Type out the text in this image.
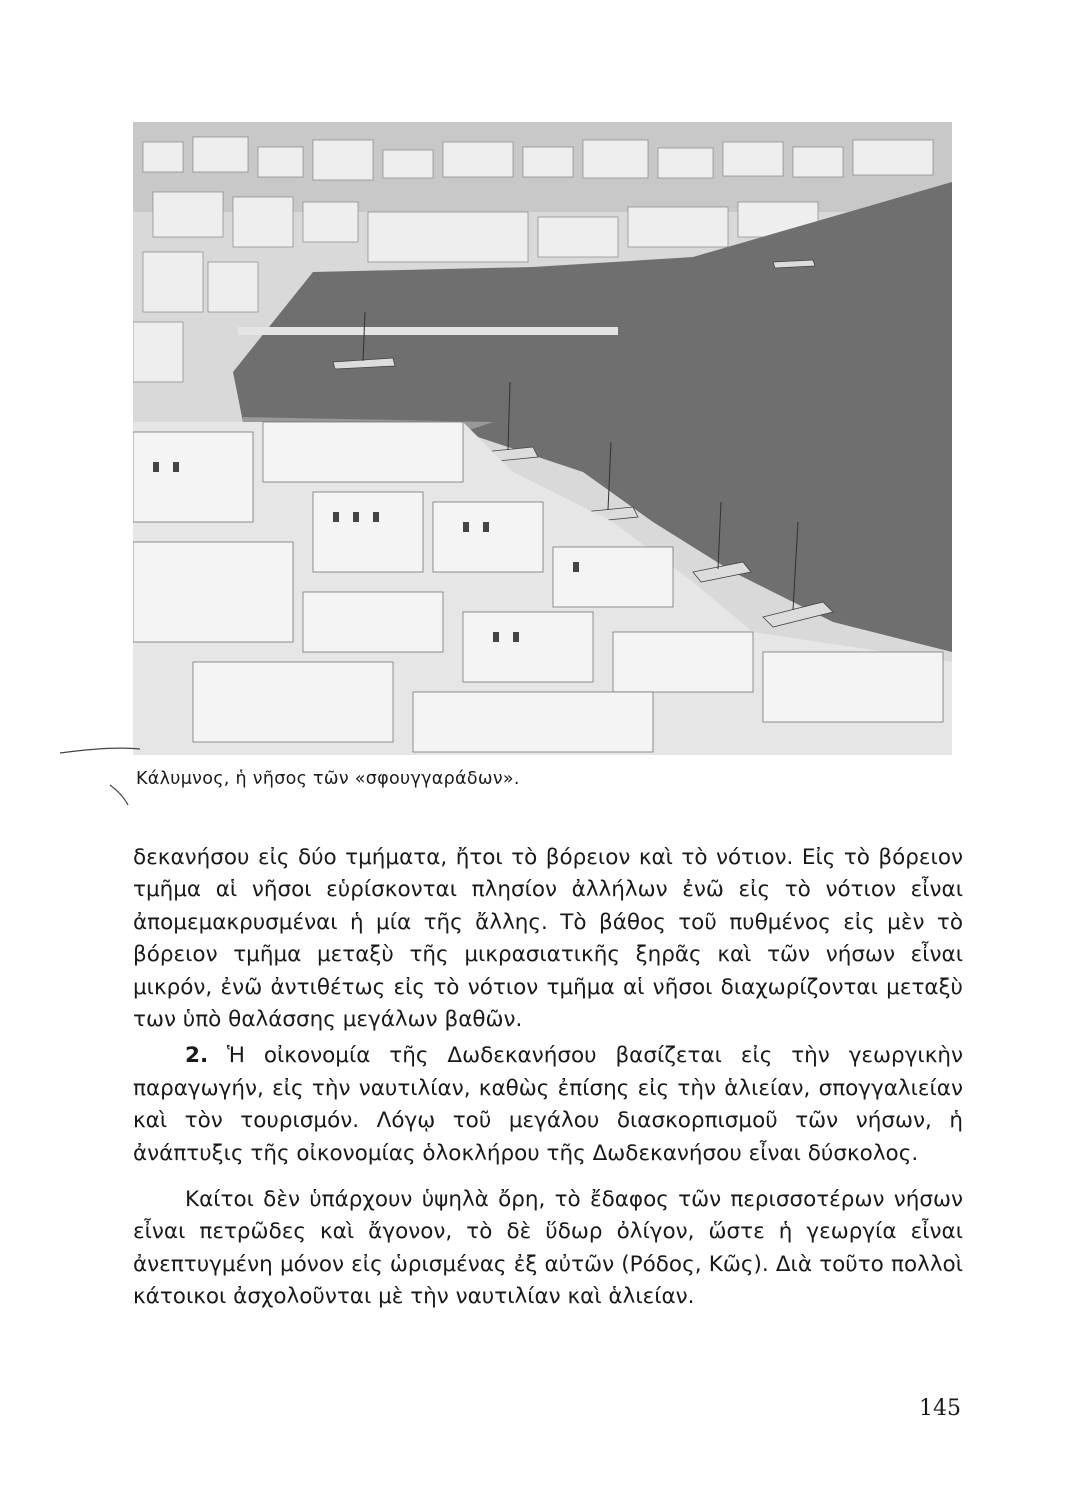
Κάλυμνος, ἡ νῆσος τῶν «σφουγγαράδων».

δεκανήσου εἰς δύο τμήματα, ἤτοι τὸ βόρειον καὶ τὸ νότιον. Εἰς τὸ βόρειον τμῆμα αἱ νῆσοι εὑρίσκονται πλησίον ἀλλήλων ἐνῶ εἰς τὸ νότιον εἶναι ἀπομεμακρυσμέναι ἡ μία τῆς ἄλλης. Τὸ βάθος τοῦ πυθμένος εἰς μὲν τὸ βόρειον τμῆμα μεταξὺ τῆς μικρασιατικῆς ξηρᾶς καὶ τῶν νήσων εἶναι μικρόν, ἐνῶ ἀντιθέτως εἰς τὸ νότιον τμῆμα αἱ νῆσοι διαχωρίζονται μεταξὺ των ὑπὸ θαλάσσης μεγάλων βαθῶν.

2. Ἡ οἰκονομία τῆς Δωδεκανήσου βασίζεται εἰς τὴν γεωργικὴν παραγωγήν, εἰς τὴν ναυτιλίαν, καθὼς ἐπίσης εἰς τὴν ἁλιείαν, σπογγαλιείαν καὶ τὸν τουρισμόν. Λόγῳ τοῦ μεγάλου διασκορπισμοῦ τῶν νήσων, ἡ ἀνάπτυξις τῆς οἰκονομίας ὁλοκλήρου τῆς Δωδεκανήσου εἶναι δύσκολος.

Καίτοι δὲν ὑπάρχουν ὑψηλὰ ὄρη, τὸ ἔδαφος τῶν περισσοτέρων νήσων εἶναι πετρῶδες καὶ ἄγονον, τὸ δὲ ὕδωρ ὀλίγον, ὥστε ἡ γεωργία εἶναι ἀνεπτυγμένη μόνον εἰς ὡρισμένας ἐξ αὐτῶν (Ρόδος, Κῶς). Διὰ τοῦτο πολλοὶ κάτοικοι ἀσχολοῦνται μὲ τὴν ναυτιλίαν καὶ ἁλιείαν.

145
